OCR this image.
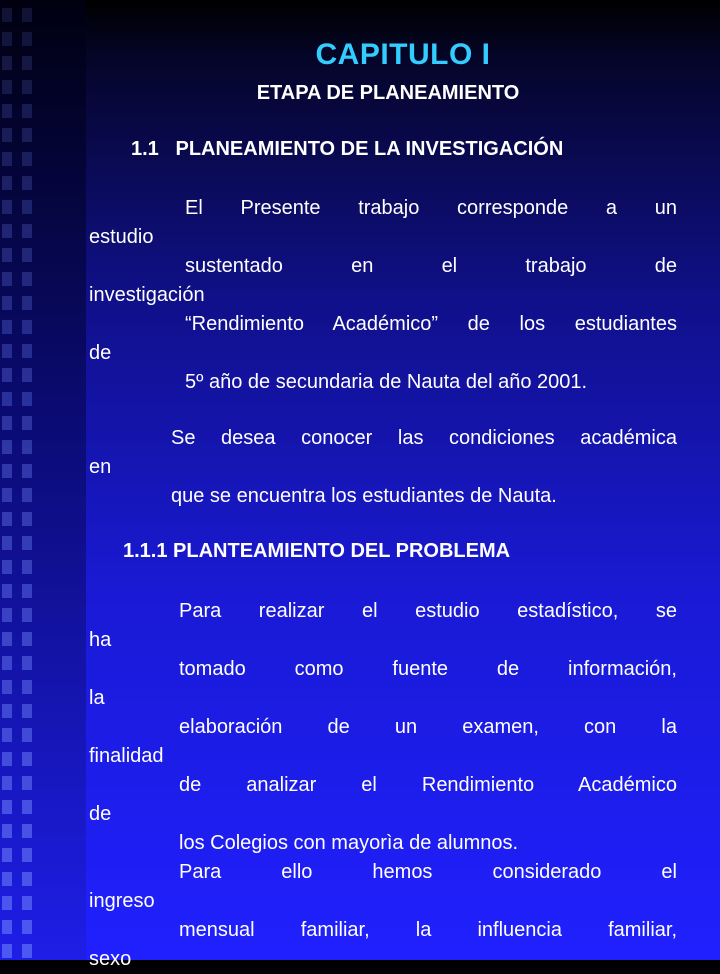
CAPITULO I
ETAPA DE PLANEAMIENTO
1.1   PLANEAMIENTO DE LA INVESTIGACIÓN
El Presente trabajo corresponde a un
estudio
sustentado en el trabajo de
investigación
“Rendimiento Académico” de los estudiantes
de
5º año de secundaria de Nauta del año 2001.
Se desea conocer las condiciones académica
en
que se encuentra los estudiantes de Nauta.
1.1.1 PLANTEAMIENTO DEL PROBLEMA
Para realizar el estudio estadístico, se
ha
tomado como fuente de información,
la
elaboración de un examen, con la
finalidad
de analizar el Rendimiento Académico
de
los Colegios con mayorìa de alumnos.
Para ello hemos considerado el
ingreso
mensual familiar, la influencia familiar,
sexo
